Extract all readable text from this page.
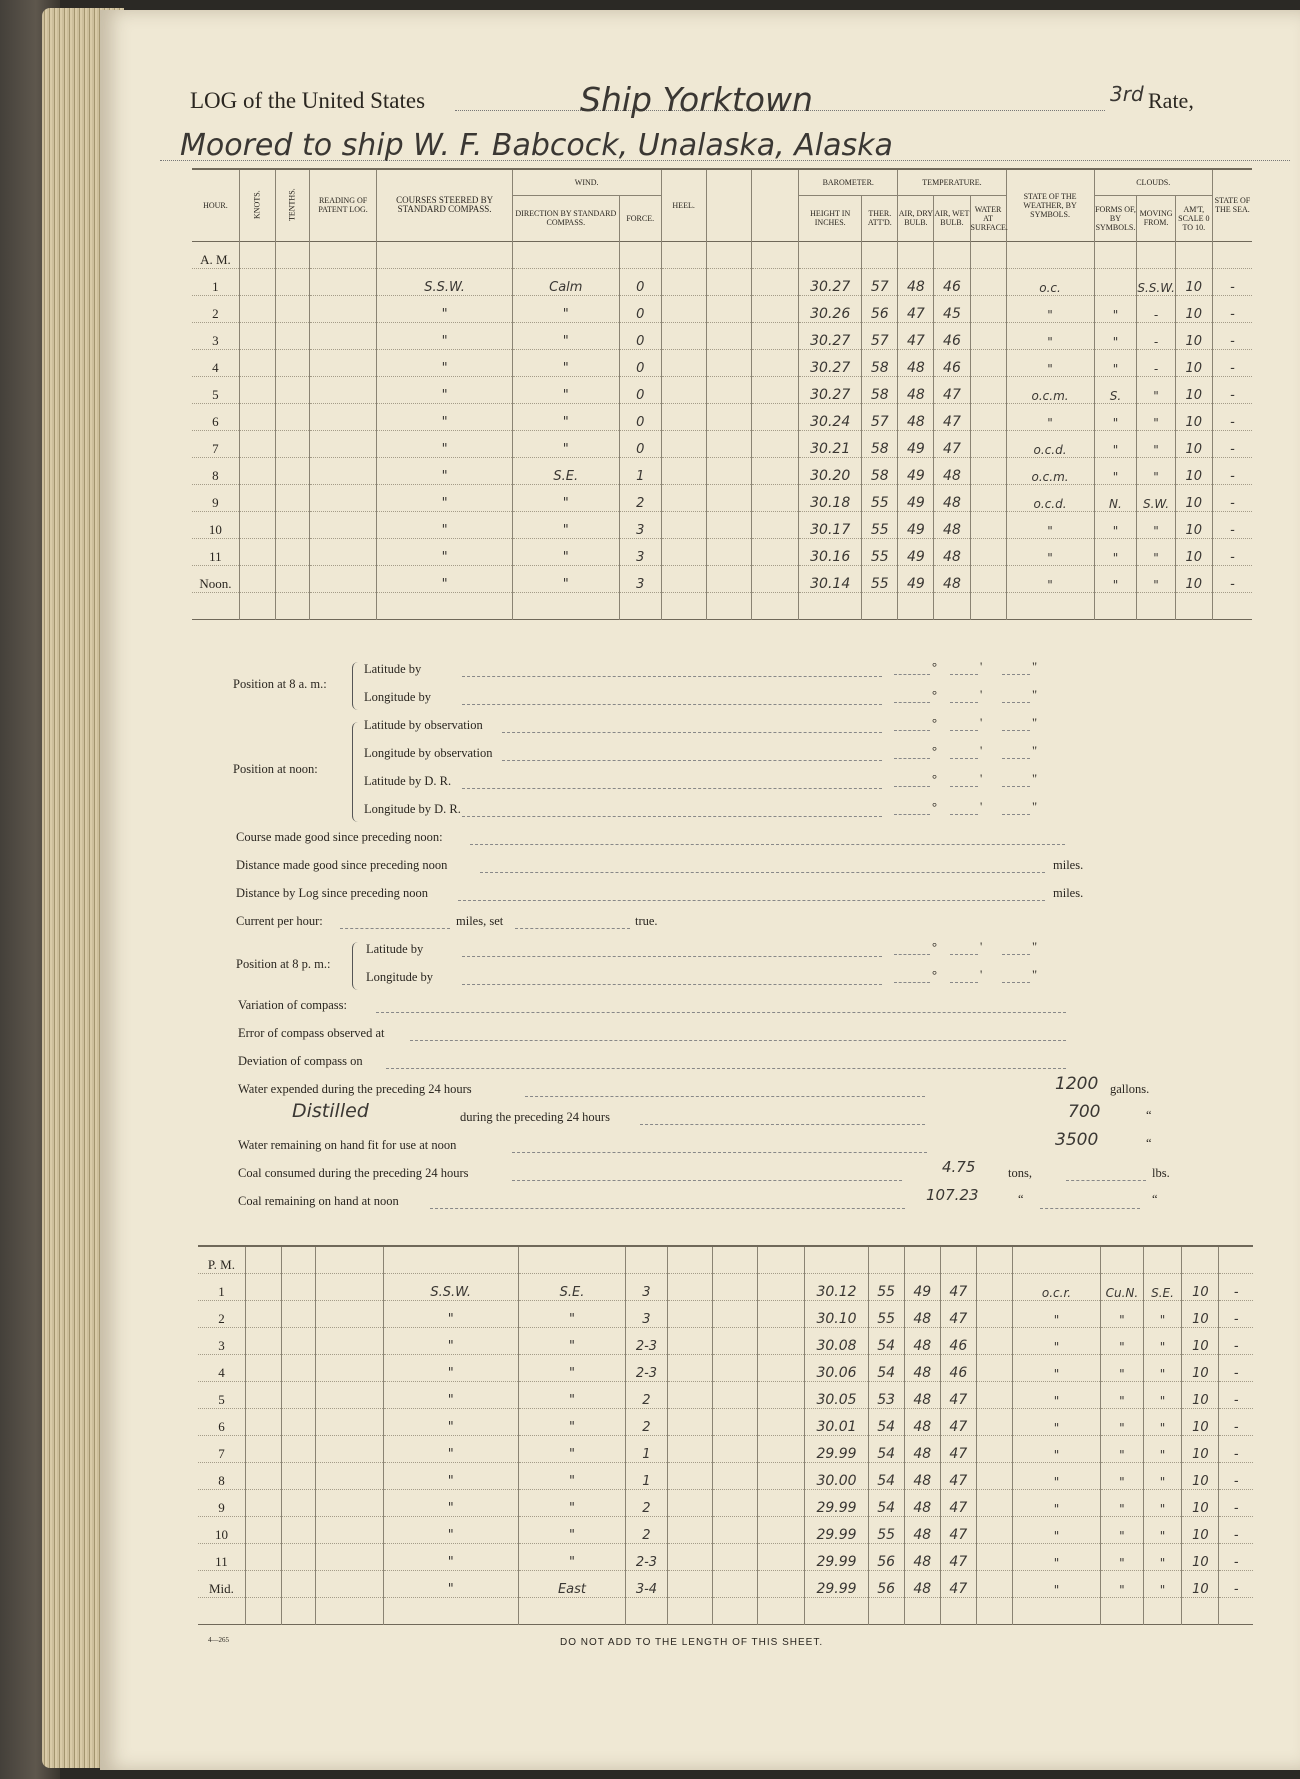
LOG of the United States	Ship Yorktown	3rd Rate,
Moored to ship W. F. Babcock, Unalaska, Alaska
HOUR.	KNOTS.	TENTHS.	READING OF PATENT LOG.	COURSES STEERED BY STANDARD COMPASS.	WIND.		HEEL.			BAROMETER.		TEMPERATURE.			STATE OF THE WEATHER, BY SYMBOLS.	CLOUDS.			STATE OF THE SEA.
					DIRECTION BY STANDARD COMPASS.	FORCE.				HEIGHT IN INCHES.	THER. ATT'D.	AIR, DRY BULB.	AIR, WET BULB.	WATER AT SURFACE.		FORMS OF, BY SYMBOLS.	MOVING FROM.	AM'T, SCALE 0 TO 10.	
A. M.																			
1				S.S.W.	Calm	0				30.27	57	48	46		o.c.		S.S.W.	10	-
2				"	"	0				30.26	56	47	45		"	"	-	10	-
3				"	"	0				30.27	57	47	46		"	"	-	10	-
4				"	"	0				30.27	58	48	46		"	"	-	10	-
5				"	"	0				30.27	58	48	47		o.c.m.	S.	"	10	-
6				"	"	0				30.24	57	48	47		"	"	"	10	-
7				"	"	0				30.21	58	49	47		o.c.d.	"	"	10	-
8				"	S.E.	1				30.20	58	49	48		o.c.m.	"	"	10	-
9				"	"	2				30.18	55	49	48		o.c.d.	N.	S.W.	10	-
10				"	"	3				30.17	55	49	48		"	"	"	10	-
11				"	"	3				30.16	55	49	48		"	"	"	10	-
Noon.				"	"	3				30.14	55	49	48		"	"	"	10	-

Position at 8 a. m.:
Latitude by	°	'	"
Longitude by	°	'	"
Position at noon:
Latitude by observation	°	'	"
Longitude by observation	°	'	"
Latitude by D. R.	°	'	"
Longitude by D. R.	°	'	"
Course made good since preceding noon:
Distance made good since preceding noon	miles.
Distance by Log since preceding noon	miles.
Current per hour:	miles, set	true.
Position at 8 p. m.:
Latitude by	°	'	"
Longitude by	°	'	"
Variation of compass:
Error of compass observed at
Deviation of compass on
Water expended during the preceding 24 hours	1200 gallons.
Distilled	during the preceding 24 hours	700	“
Water remaining on hand fit for use at noon	3500	“
Coal consumed during the preceding 24 hours	4.75	tons,	lbs.
Coal remaining on hand at noon	107.23	“	“
P. M.																			
1				S.S.W.	S.E.	3				30.12	55	49	47		o.c.r.	Cu.N.	S.E.	10	-
2				"	"	3				30.10	55	48	47		"	"	"	10	-
3				"	"	2-3				30.08	54	48	46		"	"	"	10	-
4				"	"	2-3				30.06	54	48	46		"	"	"	10	-
5				"	"	2				30.05	53	48	47		"	"	"	10	-
6				"	"	2				30.01	54	48	47		"	"	"	10	-
7				"	"	1				29.99	54	48	47		"	"	"	10	-
8				"	"	1				30.00	54	48	47		"	"	"	10	-
9				"	"	2				29.99	54	48	47		"	"	"	10	-
10				"	"	2				29.99	55	48	47		"	"	"	10	-
11				"	"	2-3				29.99	56	48	47		"	"	"	10	-
Mid.				"	East	3-4				29.99	56	48	47		"	"	"	10	-

4—265	DO NOT ADD TO THE LENGTH OF THIS SHEET.
